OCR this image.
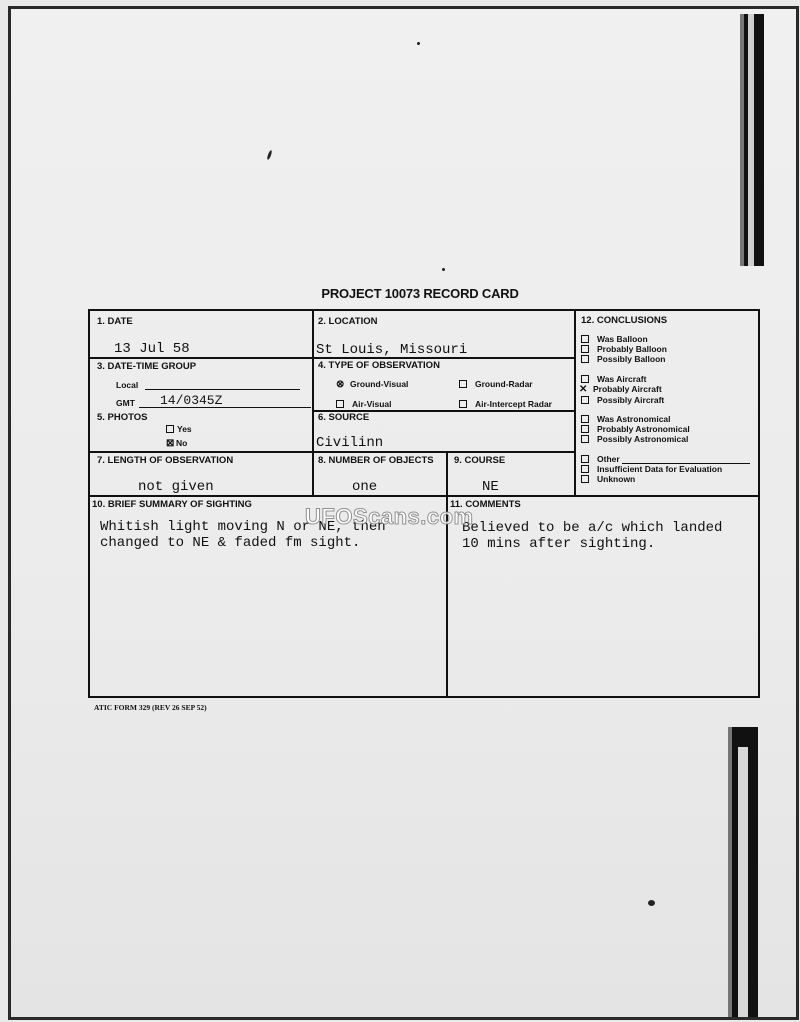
PROJECT 10073 RECORD CARD
1. DATE
13 Jul 58
2. LOCATION
St Louis, Missouri
3. DATE-TIME GROUP
Local
GMT	14/0345Z
4. TYPE OF OBSERVATION
⊗ Ground-Visual	Ground-Radar
Air-Visual	Air-Intercept Radar
5. PHOTOS
Yes
⊠ No
6. SOURCE
Civilinn
7. LENGTH OF OBSERVATION
not given
8. NUMBER OF OBJECTS
one
9. COURSE
NE
12. CONCLUSIONS
Was Balloon
Probably Balloon
Possibly Balloon
Was Aircraft
✕ Probably Aircraft
Possibly Aircraft
Was Astronomical
Probably Astronomical
Possibly Astronomical
Other
Insufficient Data for Evaluation
Unknown
10. BRIEF SUMMARY OF SIGHTING
Whitish light moving N or NE, then
changed to NE & faded fm sight.
11. COMMENTS
Believed to be a/c which landed
10 mins after sighting.
UFOScans.com
ATIC FORM 329 (REV 26 SEP 52)
